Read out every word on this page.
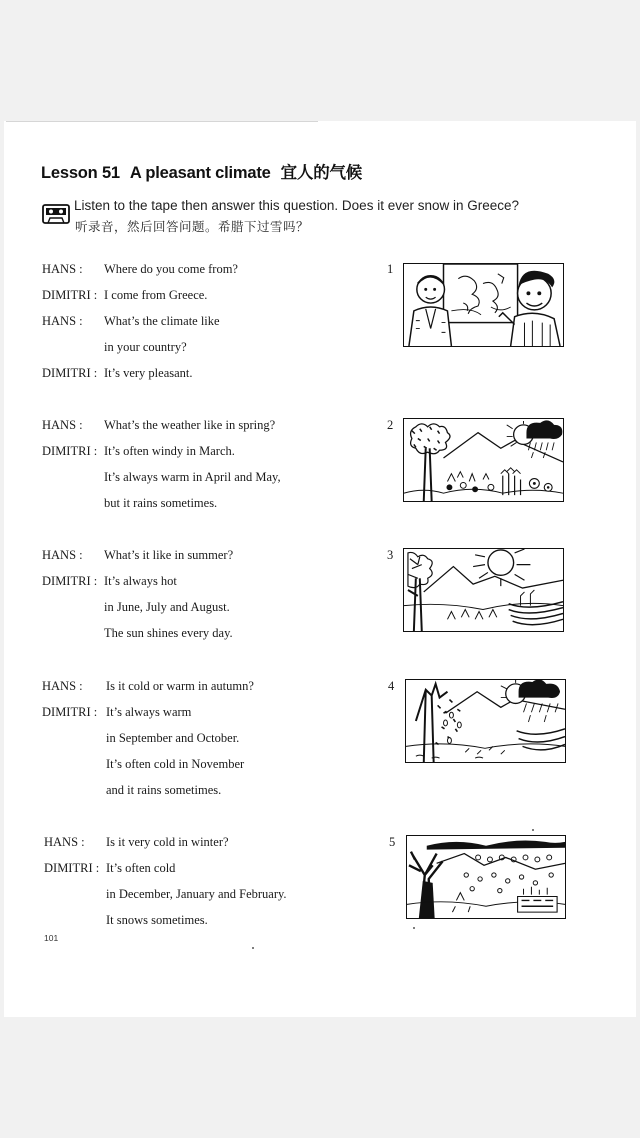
Lesson 51 A pleasant climate 宜人的气候
Listen to the tape then answer this question. Does it ever snow in Greece?
听录音，然后回答问题。希腊下过雪吗？
HANS : Where do you come from?
DIMITRI : I come from Greece.
HANS : What’s the climate like
in your country?
DIMITRI : It’s very pleasant.
1
HANS : What’s the weather like in spring?
DIMITRI : It’s often windy in March.
It’s always warm in April and May,
but it rains sometimes.
2
HANS : What’s it like in summer?
DIMITRI : It’s always hot
in June, July and August.
The sun shines every day.
3
HANS : Is it cold or warm in autumn?
DIMITRI : It’s always warm
in September and October.
It’s often cold in November
and it rains sometimes.
4
HANS : Is it very cold in winter?
DIMITRI : It’s often cold
in December, January and February.
It snows sometimes.
5
101
